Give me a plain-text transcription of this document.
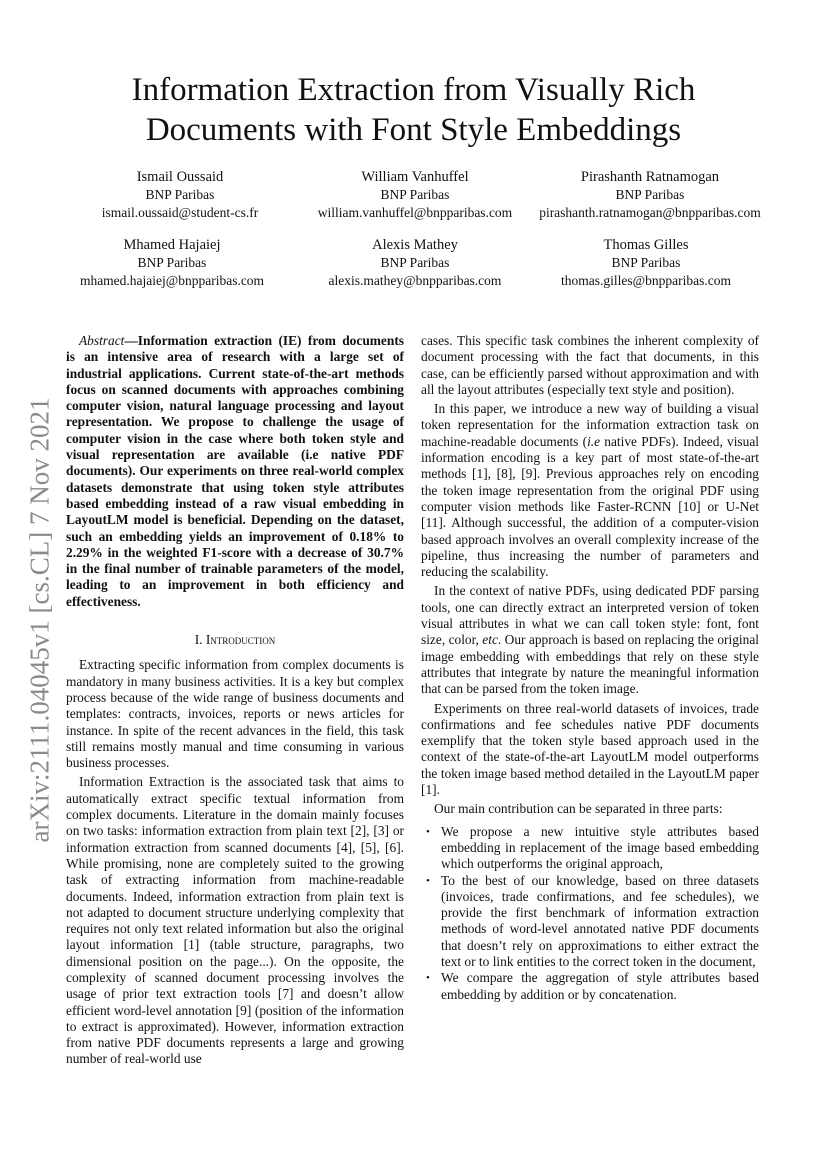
arXiv:2111.04045v1 [cs.CL] 7 Nov 2021
Information Extraction from Visually Rich
Documents with Font Style Embeddings
Ismail Oussaid
BNP Paribas
ismail.oussaid@student-cs.fr
William Vanhuffel
BNP Paribas
william.vanhuffel@bnpparibas.com
Pirashanth Ratnamogan
BNP Paribas
pirashanth.ratnamogan@bnpparibas.com
Mhamed Hajaiej
BNP Paribas
mhamed.hajaiej@bnpparibas.com
Alexis Mathey
BNP Paribas
alexis.mathey@bnpparibas.com
Thomas Gilles
BNP Paribas
thomas.gilles@bnpparibas.com

Abstract—Information extraction (IE) from documents is an intensive area of research with a large set of industrial applications. Current state-of-the-art methods focus on scanned documents with approaches combining computer vision, natural language processing and layout representation. We propose to challenge the usage of computer vision in the case where both token style and visual representation are available (i.e native PDF documents). Our experiments on three real-world complex datasets demonstrate that using token style attributes based embedding instead of a raw visual embedding in LayoutLM model is beneficial. Depending on the dataset, such an embedding yields an improvement of 0.18% to 2.29% in the weighted F1-score with a decrease of 30.7% in the final number of trainable parameters of the model, leading to an improvement in both efficiency and effectiveness.

I. Introduction

Extracting specific information from complex documents is mandatory in many business activities. It is a key but complex process because of the wide range of business documents and templates: contracts, invoices, reports or news articles for instance. In spite of the recent advances in the field, this task still remains mostly manual and time consuming in various business processes.

Information Extraction is the associated task that aims to automatically extract specific textual information from complex documents. Literature in the domain mainly focuses on two tasks: information extraction from plain text [2], [3] or information extraction from scanned documents [4], [5], [6]. While promising, none are completely suited to the growing task of extracting information from machine-readable documents. Indeed, information extraction from plain text is not adapted to document structure underlying complexity that requires not only text related information but also the original layout information [1] (table structure, paragraphs, two dimensional position on the page...). On the opposite, the complexity of scanned document processing involves the usage of prior text extraction tools [7] and doesn’t allow efficient word-level annotation [9] (position of the information to extract is approximated). However, information extraction from native PDF documents represents a large and growing number of real-world use

cases. This specific task combines the inherent complexity of document processing with the fact that documents, in this case, can be efficiently parsed without approximation and with all the layout attributes (especially text style and position).

In this paper, we introduce a new way of building a visual token representation for the information extraction task on machine-readable documents (i.e native PDFs). Indeed, visual information encoding is a key part of most state-of-the-art methods [1], [8], [9]. Previous approaches rely on encoding the token image representation from the original PDF using computer vision methods like Faster-RCNN [10] or U-Net [11]. Although successful, the addition of a computer-vision based approach involves an overall complexity increase of the pipeline, thus increasing the number of parameters and reducing the scalability.

In the context of native PDFs, using dedicated PDF parsing tools, one can directly extract an interpreted version of token visual attributes in what we can call token style: font, font size, color, etc. Our approach is based on replacing the original image embedding with embeddings that rely on these style attributes that integrate by nature the meaningful information that can be parsed from the token image.

Experiments on three real-world datasets of invoices, trade confirmations and fee schedules native PDF documents exemplify that the token style based approach used in the context of the state-of-the-art LayoutLM model outperforms the token image based method detailed in the LayoutLM paper [1].

Our main contribution can be separated in three parts:

• We propose a new intuitive style attributes based embedding in replacement of the image based embedding which outperforms the original approach,
• To the best of our knowledge, based on three datasets (invoices, trade confirmations, and fee schedules), we provide the first benchmark of information extraction methods of word-level annotated native PDF documents that doesn’t rely on approximations to either extract the text or to link entities to the correct token in the document,
• We compare the aggregation of style attributes based embedding by addition or by concatenation.
